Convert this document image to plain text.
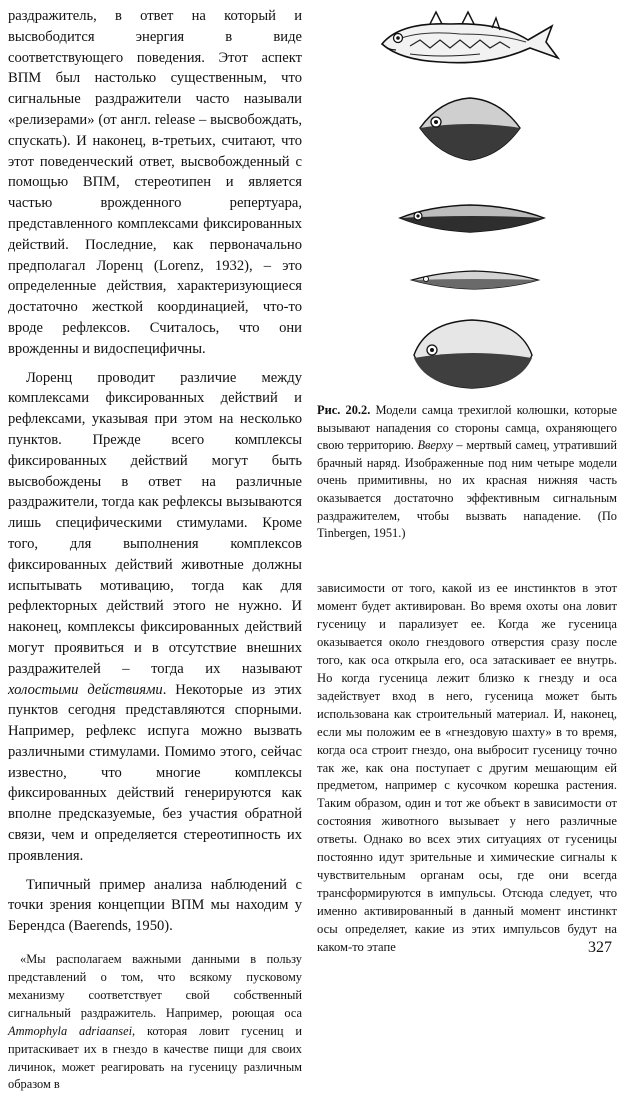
раздражитель, в ответ на который и высвободится энергия в виде соответствующего поведения. Этот аспект ВПМ был настолько существенным, что сигнальные раздражители часто называли «релизерами» (от англ. release – высвобождать, спускать). И наконец, в-третьих, считают, что этот поведенческий ответ, высвобожденный с помощью ВПМ, стереотипен и является частью врожденного репертуара, представленного комплексами фиксированных действий. Последние, как первоначально предполагал Лоренц (Lorenz, 1932), – это определенные действия, характеризующиеся достаточно жесткой координацией, что-то вроде рефлексов. Считалось, что они врожденны и видоспецифичны.

Лоренц проводит различие между комплексами фиксированных действий и рефлексами, указывая при этом на несколько пунктов. Прежде всего комплексы фиксированных действий могут быть высвобождены в ответ на различные раздражители, тогда как рефлексы вызываются лишь специфическими стимулами. Кроме того, для выполнения комплексов фиксированных действий животные должны испытывать мотивацию, тогда как для рефлекторных действий этого не нужно. И наконец, комплексы фиксированных действий могут проявиться и в отсутствие внешних раздражителей – тогда их называют холостыми действиями. Некоторые из этих пунктов сегодня представляются спорными. Например, рефлекс испуга можно вызвать различными стимулами. Помимо этого, сейчас известно, что многие комплексы фиксированных действий генерируются как вполне предсказуемые, без участия обратной связи, чем и определяется стереотипность их проявления.

Типичный пример анализа наблюдений с точки зрения концепции ВПМ мы находим у Берендса (Baerends, 1950).

«Мы располагаем важными данными в пользу представлений о том, что всякому пусковому механизму соответствует свой собственный сигнальный раздражитель. Например, роющая оса Ammophyla adriaansei, которая ловит гусениц и притаскивает их в гнездо в качестве пищи для своих личинок, может реагировать на гусеницу различным образом в

Рис. 20.2. Модели самца трехиглой колюшки, которые вызывают нападения со стороны самца, охраняющего свою территорию. Вверху – мертвый самец, утративший брачный наряд. Изображенные под ним четыре модели очень примитивны, но их красная нижняя часть оказывается достаточно эффективным сигнальным раздражителем, чтобы вызвать нападение. (По Tinbergen, 1951.)

зависимости от того, какой из ее инстинктов в этот момент будет активирован. Во время охоты она ловит гусеницу и парализует ее. Когда же гусеница оказывается около гнездового отверстия сразу после того, как оса открыла его, оса затаскивает ее внутрь. Но когда гусеница лежит близко к гнезду и оса задействует вход в него, гусеница может быть использована как строительный материал. И, наконец, если мы положим ее в «гнездовую шахту» в то время, когда оса строит гнездо, она выбросит гусеницу точно так же, как она поступает с другим мешающим ей предметом, например с кусочком корешка растения. Таким образом, один и тот же объект в зависимости от состояния животного вызывает у него различные ответы. Однако во всех этих ситуациях от гусеницы постоянно идут зрительные и химические сигналы к чувствительным органам осы, где они всегда трансформируются в импульсы. Отсюда следует, что именно активированный в данный момент инстинкт осы определяет, какие из этих импульсов будут на каком-то этапе	327
